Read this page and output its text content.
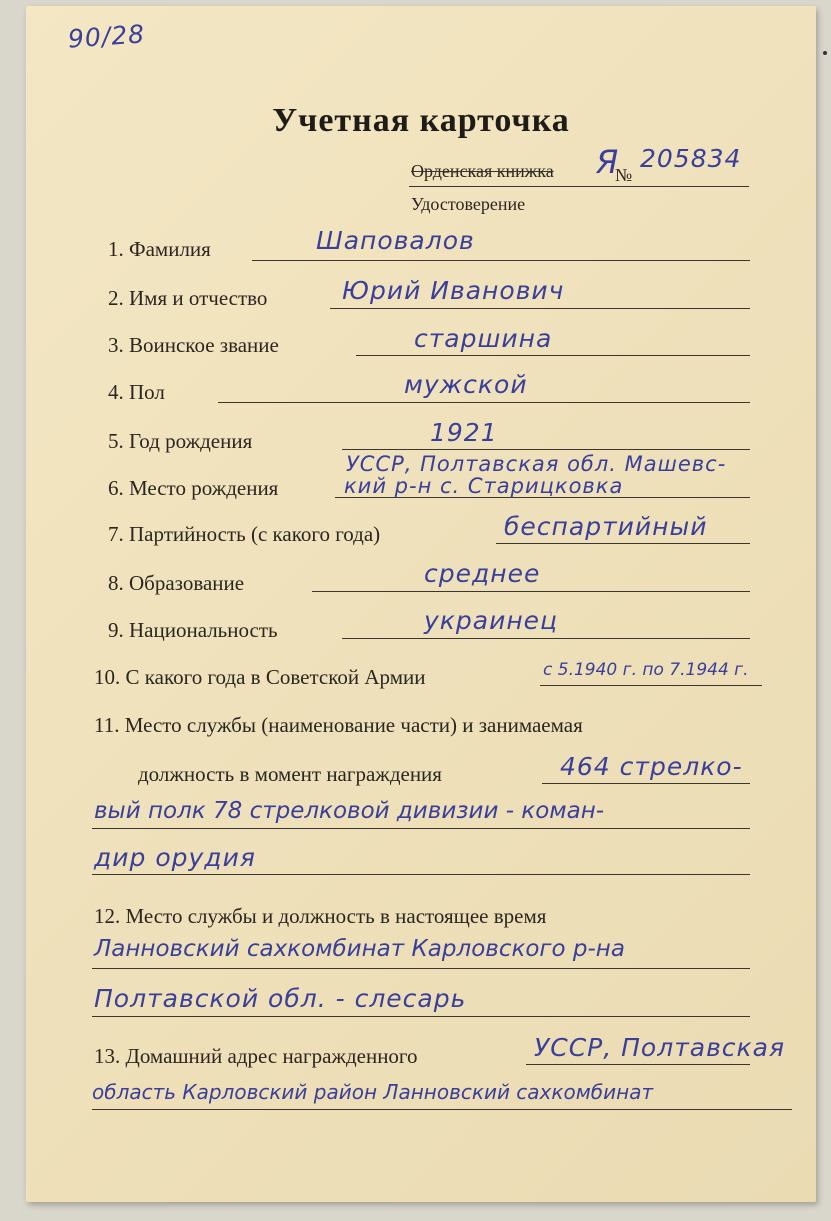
90/28
Учетная карточка
Орденская книжка Я
№
205834
Удостоверение
1. Фамилия	Шаповалов
2. Имя и отчество	Юрий Иванович
3. Воинское звание	старшина
4. Пол	мужской
5. Год рождения	1921
УССР, Полтавская обл. Машевс-
6. Место рождения	кий р-н с. Старицковка
7. Партийность (с какого года)	беспартийный
8. Образование	среднее
9. Национальность	украинец
10. С какого года в Советской Армии	с 5.1940 г. по 7.1944 г.
11. Место службы (наименование части) и занимаемая
должность в момент награждения	464 стрелко-
вый полк 78 стрелковой дивизии - коман-
дир орудия
12. Место службы и должность в настоящее время
Ланновский сахкомбинат Карловского р-на
Полтавской обл. - слесарь
13. Домашний адрес награжденного	УССР, Полтавская
область Карловский район Ланновский сахкомбинат
